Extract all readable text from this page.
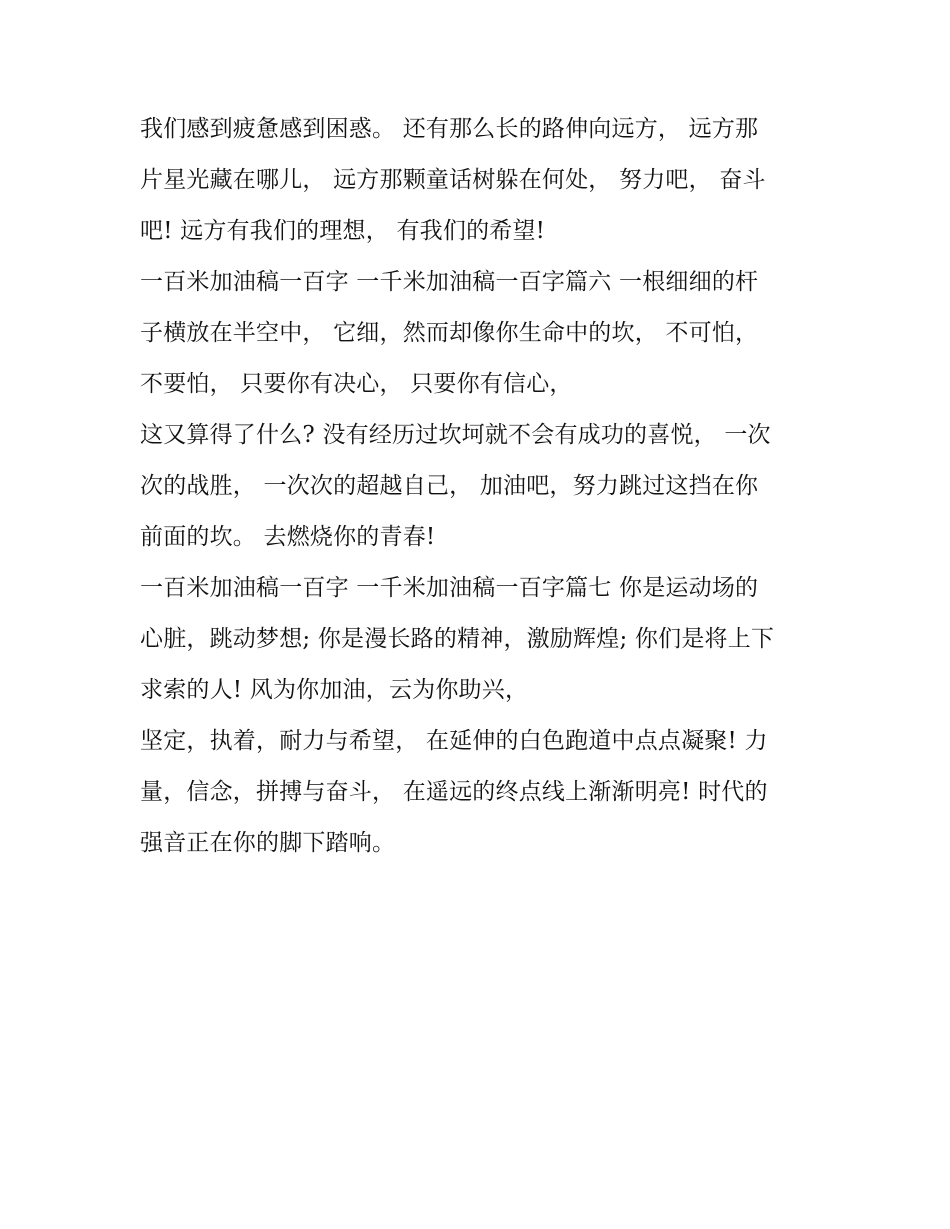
我们感到疲惫感到困惑。 还有那么长的路伸向远方， 远方那
片星光藏在哪儿， 远方那颗童话树躲在何处， 努力吧， 奋斗
吧! 远方有我们的理想， 有我们的希望!
一百米加油稿一百字 一千米加油稿一百字篇六 一根细细的杆
子横放在半空中， 它细，然而却像你生命中的坎， 不可怕，
不要怕， 只要你有决心， 只要你有信心，
这又算得了什么? 没有经历过坎坷就不会有成功的喜悦， 一次
次的战胜， 一次次的超越自己， 加油吧，努力跳过这挡在你
前面的坎。 去燃烧你的青春!
一百米加油稿一百字 一千米加油稿一百字篇七 你是运动场的
心脏，跳动梦想; 你是漫长路的精神，激励辉煌; 你们是将上下
求索的人! 风为你加油，云为你助兴，
坚定，执着，耐力与希望， 在延伸的白色跑道中点点凝聚! 力
量，信念，拼搏与奋斗， 在遥远的终点线上渐渐明亮! 时代的
强音正在你的脚下踏响。
